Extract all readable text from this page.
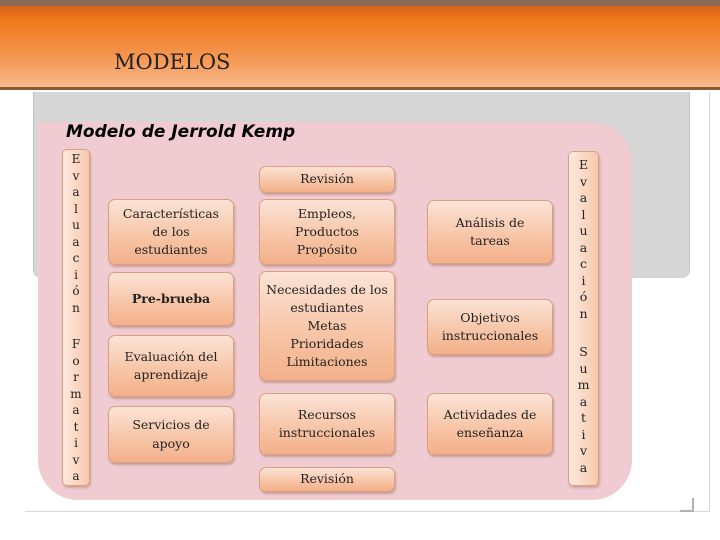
MODELOS
Modelo de Jerrold Kemp
E
v
a
l
u
a
c
i
ó
n
F
o
r
m
a
t
i
v
a
E
v
a
l
u
a
c
i
ó
n
S
u
m
a
t
i
v
a
Características
de los
estudiantes
Pre-brueba
Evaluación del
aprendizaje
Servicios de
apoyo
Revisión
Empleos,
Productos
Propósito
Necesidades de los
estudiantes
Metas
Prioridades
Limitaciones
Recursos
instruccionales
Revisión
Análisis de
tareas
Objetivos
instruccionales
Actividades de
enseñanza
